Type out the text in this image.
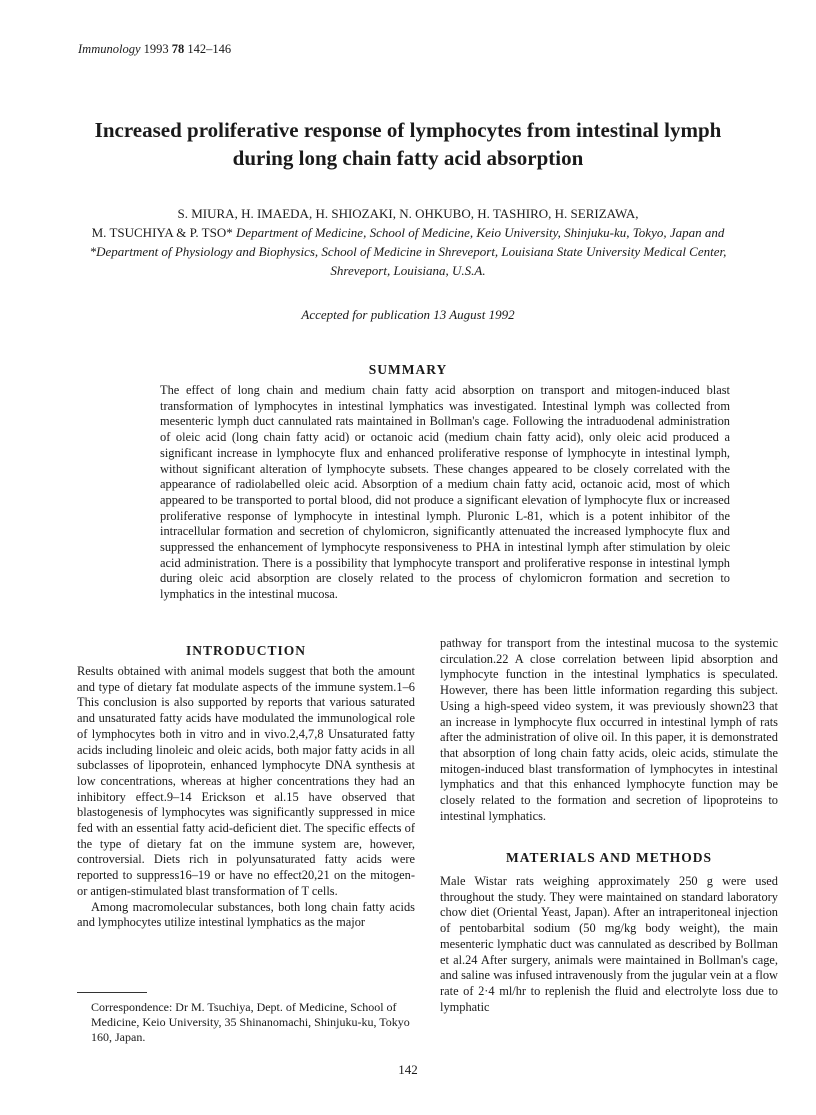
Immunology 1993 78 142–146
Increased proliferative response of lymphocytes from intestinal lymph during long chain fatty acid absorption
S. MIURA, H. IMAEDA, H. SHIOZAKI, N. OHKUBO, H. TASHIRO, H. SERIZAWA,
M. TSUCHIYA & P. TSO* Department of Medicine, School of Medicine, Keio University, Shinjuku-ku, Tokyo, Japan and
*Department of Physiology and Biophysics, School of Medicine in Shreveport, Louisiana State University Medical Center,
Shreveport, Louisiana, U.S.A.
Accepted for publication 13 August 1992
SUMMARY
The effect of long chain and medium chain fatty acid absorption on transport and mitogen-induced blast transformation of lymphocytes in intestinal lymphatics was investigated. Intestinal lymph was collected from mesenteric lymph duct cannulated rats maintained in Bollman's cage. Following the intraduodenal administration of oleic acid (long chain fatty acid) or octanoic acid (medium chain fatty acid), only oleic acid produced a significant increase in lymphocyte flux and enhanced proliferative response of lymphocyte in intestinal lymph, without significant alteration of lymphocyte subsets. These changes appeared to be closely correlated with the appearance of radiolabelled oleic acid. Absorption of a medium chain fatty acid, octanoic acid, most of which appeared to be transported to portal blood, did not produce a significant elevation of lymphocyte flux or increased proliferative response of lymphocyte in intestinal lymph. Pluronic L-81, which is a potent inhibitor of the intracellular formation and secretion of chylomicron, significantly attenuated the increased lymphocyte flux and suppressed the enhancement of lymphocyte responsiveness to PHA in intestinal lymph after stimulation by oleic acid administration. There is a possibility that lymphocyte transport and proliferative response in intestinal lymph during oleic acid absorption are closely related to the process of chylomicron formation and secretion to lymphatics in the intestinal mucosa.
INTRODUCTION

Results obtained with animal models suggest that both the amount and type of dietary fat modulate aspects of the immune system.1–6 This conclusion is also supported by reports that various saturated and unsaturated fatty acids have modulated the immunological role of lymphocytes both in vitro and in vivo.2,4,7,8 Unsaturated fatty acids including linoleic and oleic acids, both major fatty acids in all subclasses of lipoprotein, enhanced lymphocyte DNA synthesis at low concentrations, whereas at higher concentrations they had an inhibitory effect.9–14 Erickson et al.15 have observed that blastogenesis of lymphocytes was significantly suppressed in mice fed with an essential fatty acid-deficient diet. The specific effects of the type of dietary fat on the immune system are, however, controversial. Diets rich in polyunsaturated fatty acids were reported to suppress16–19 or have no effect20,21 on the mitogen- or antigen-stimulated blast transformation of T cells.

Among macromolecular substances, both long chain fatty acids and lymphocytes utilize intestinal lymphatics as the major

pathway for transport from the intestinal mucosa to the systemic circulation.22 A close correlation between lipid absorption and lymphocyte function in the intestinal lymphatics is speculated. However, there has been little information regarding this subject. Using a high-speed video system, it was previously shown23 that an increase in lymphocyte flux occurred in intestinal lymph of rats after the administration of olive oil. In this paper, it is demonstrated that absorption of long chain fatty acids, oleic acids, stimulate the mitogen-induced blast transformation of lymphocytes in intestinal lymphatics and that this enhanced lymphocyte function may be closely related to the formation and secretion of lipoproteins to intestinal lymphatics.

MATERIALS AND METHODS
Male Wistar rats weighing approximately 250 g were used throughout the study. They were maintained on standard laboratory chow diet (Oriental Yeast, Japan). After an intraperitoneal injection of pentobarbital sodium (50 mg/kg body weight), the main mesenteric lymphatic duct was cannulated as described by Bollman et al.24 After surgery, animals were maintained in Bollman's cage, and saline was infused intravenously from the jugular vein at a flow rate of 2·4 ml/hr to replenish the fluid and electrolyte loss due to lymphatic
Correspondence: Dr M. Tsuchiya, Dept. of Medicine, School of Medicine, Keio University, 35 Shinanomachi, Shinjuku-ku, Tokyo 160, Japan.
142
